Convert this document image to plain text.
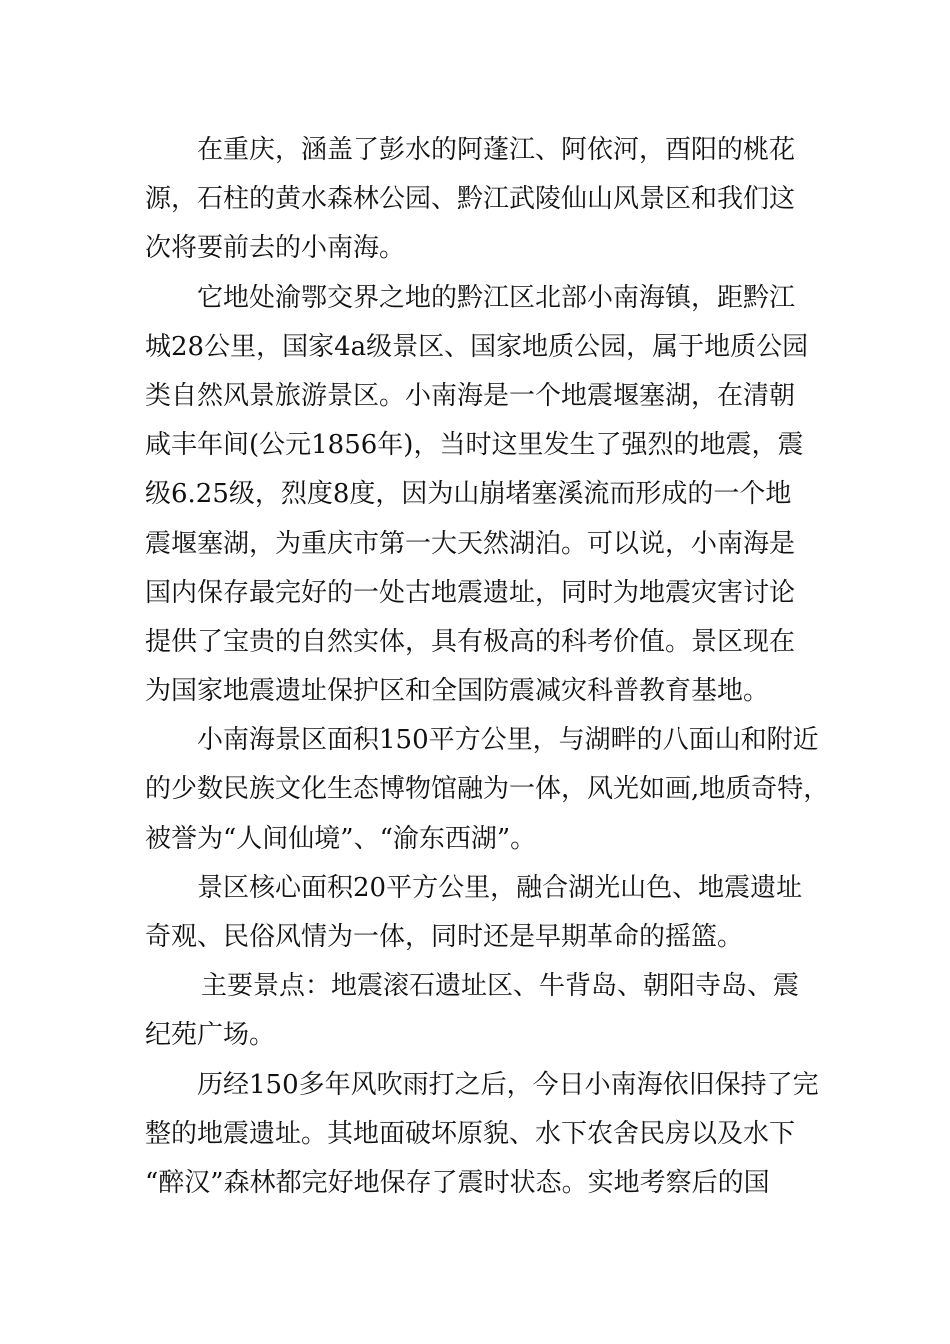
在重庆，涵盖了彭水的阿蓬江、阿依河，酉阳的桃花
源，石柱的黄水森林公园、黔江武陵仙山风景区和我们这
次将要前去的小南海。
它地处渝鄂交界之地的黔江区北部小南海镇，距黔江
城28公里，国家4a级景区、国家地质公园，属于地质公园
类自然风景旅游景区。小南海是一个地震堰塞湖，在清朝
咸丰年间(公元1856年)，当时这里发生了强烈的地震，震
级6.25级，烈度8度，因为山崩堵塞溪流而形成的一个地
震堰塞湖，为重庆市第一大天然湖泊。可以说，小南海是
国内保存最完好的一处古地震遗址，同时为地震灾害讨论
提供了宝贵的自然实体，具有极高的科考价值。景区现在
为国家地震遗址保护区和全国防震减灾科普教育基地。
小南海景区面积150平方公里，与湖畔的八面山和附近
的少数民族文化生态博物馆融为一体，风光如画,地质奇特，
被誉为“人间仙境”、“渝东西湖”。
景区核心面积20平方公里，融合湖光山色、地震遗址
奇观、民俗风情为一体，同时还是早期革命的摇篮。
主要景点：地震滚石遗址区、牛背岛、朝阳寺岛、震
纪苑广场。
历经150多年风吹雨打之后，今日小南海依旧保持了完
整的地震遗址。其地面破坏原貌、水下农舍民房以及水下
“醉汉”森林都完好地保存了震时状态。实地考察后的国
